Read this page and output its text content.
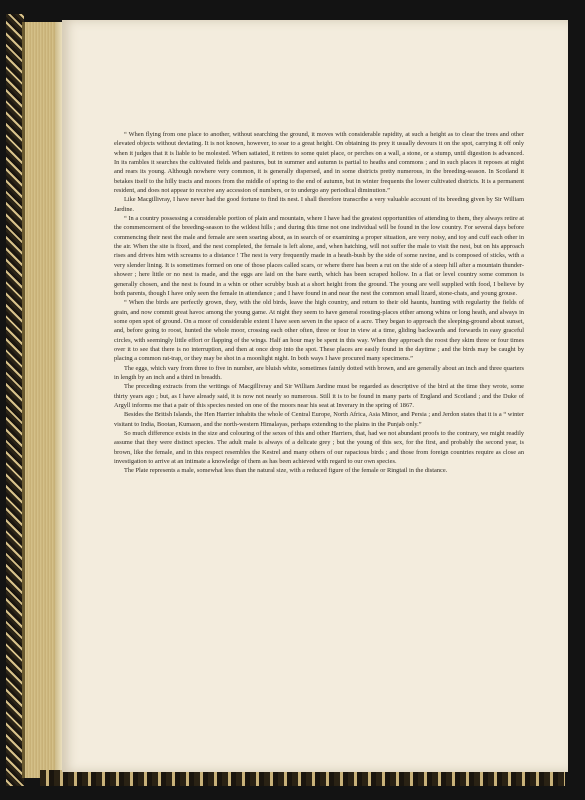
“ When flying from one place to another, without searching the ground, it moves with considerable rapidity, at such a height as to clear the trees and other elevated objects without deviating. It is not known, however, to soar to a great height. On obtaining its prey it usually devours it on the spot, carrying it off only when it judges that it is liable to be molested. When satiated, it retires to some quiet place, or perches on a wall, a stone, or a stump, until digestion is advanced. In its rambles it searches the cultivated fields and pastures, but in summer and autumn is partial to heaths and commons ; and in such places it reposes at night and rears its young. Although nowhere very common, it is generally dispersed, and in some districts pretty numerous, in the breeding-season. In Scotland it betakes itself to the hilly tracts and moors from the middle of spring to the end of autumn, but in winter frequents the lower cultivated districts. It is a permanent resident, and does not appear to receive any accession of numbers, or to undergo any periodical diminution.”

Like Macgillivray, I have never had the good fortune to find its nest. I shall therefore transcribe a very valuable account of its breeding given by Sir William Jardine.

“ In a country possessing a considerable portion of plain and mountain, where I have had the greatest opportunities of attending to them, they always retire at the commencement of the breeding-season to the wildest hills ; and during this time not one individual will be found in the low country. For several days before commencing their nest the male and female are seen soaring about, as in search of or examining a proper situation, are very noisy, and toy and cuff each other in the air. When the site is fixed, and the nest completed, the female is left alone, and, when hatching, will not suffer the male to visit the nest, but on his approach rises and drives him with screams to a distance ! The nest is very frequently made in a heath-bush by the side of some ravine, and is composed of sticks, with a very slender lining. It is sometimes formed on one of those places called scars, or where there has been a rut on the side of a steep hill after a mountain thunder-shower ; here little or no nest is made, and the eggs are laid on the bare earth, which has been scraped hollow. In a flat or level country some common is generally chosen, and the nest is found in a whin or other scrubby bush at a short height from the ground. The young are well supplied with food, I believe by both parents, though I have only seen the female in attendance ; and I have found in and near the nest the common small lizard, stone-chats, and young grouse.

“ When the birds are perfectly grown, they, with the old birds, leave the high country, and return to their old haunts, hunting with regularity the fields of grain, and now commit great havoc among the young game. At night they seem to have general roosting-places either among whins or long heath, and always in some open spot of ground. On a moor of considerable extent I have seen seven in the space of a acre. They began to approach the sleeping-ground about sunset, and, before going to roost, hunted the whole moor, crossing each other often, three or four in view at a time, gliding backwards and forwards in easy graceful circles, with seemingly little effort or flapping of the wings. Half an hour may be spent in this way. When they approach the roost they skim three or four times over it to see that there is no interruption, and then at once drop into the spot. These places are easily found in the daytime ; and the birds may be caught by placing a common rat-trap, or they may be shot in a moonlight night. In both ways I have procured many specimens.”

The eggs, which vary from three to five in number, are bluish white, sometimes faintly dotted with brown, and are generally about an inch and three quarters in length by an inch and a third in breadth.

The preceding extracts from the writings of Macgillivray and Sir William Jardine must be regarded as descriptive of the bird at the time they wrote, some thirty years ago ; but, as I have already said, it is now not nearly so numerous. Still it is to be found in many parts of England and Scotland ; and the Duke of Argyll informs me that a pair of this species nested on one of the moors near his seat at Inverary in the spring of 1867.

Besides the British Islands, the Hen Harrier inhabits the whole of Central Europe, North Africa, Asia Minor, and Persia ; and Jerdon states that it is a “ winter visitant to India, Bootan, Kumaon, and the north-western Himalayas, perhaps extending to the plains in the Punjab only.”

So much difference exists in the size and colouring of the sexes of this and other Harriers, that, had we not abundant proofs to the contrary, we might readily assume that they were distinct species. The adult male is always of a delicate grey ; but the young of this sex, for the first, and probably the second year, is brown, like the female, and in this respect resembles the Kestrel and many others of our rapacious birds ; and those from foreign countries require as close an investigation to arrive at an intimate a knowledge of them as has been achieved with regard to our own species.

The Plate represents a male, somewhat less than the natural size, with a reduced figure of the female or Ringtail in the distance.
